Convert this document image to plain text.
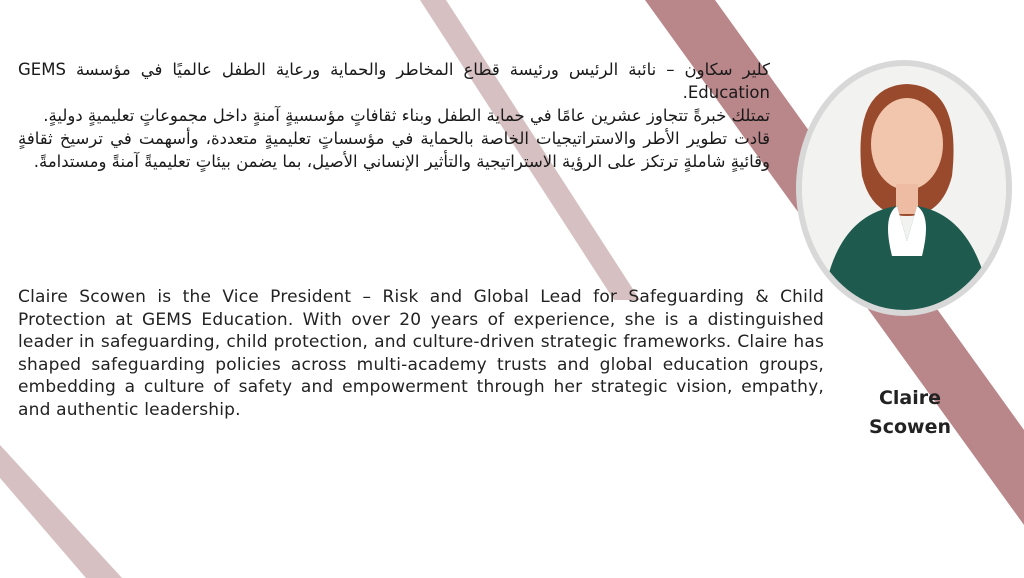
كلير سكاون – نائبة الرئيس ورئيسة قطاع المخاطر والحماية ورعاية الطفل عالميًا في مؤسسة GEMS Education.

تمتلك خبرةً تتجاوز عشرين عامًا في حماية الطفل وبناء ثقافاتٍ مؤسسيةٍ آمنةٍ داخل مجموعاتٍ تعليميةٍ دوليةٍ.

قادت تطوير الأطر والاستراتيجيات الخاصة بالحماية في مؤسساتٍ تعليميةٍ متعددة، وأسهمت في ترسيخ ثقافةٍ وقائيةٍ شاملةٍ ترتكز على الرؤية الاستراتيجية والتأثير الإنساني الأصيل، بما يضمن بيئاتٍ تعليميةً آمنةً ومستدامةً.

Claire Scowen is the Vice President – Risk and Global Lead for Safeguarding & Child Protection at GEMS Education. With over 20 years of experience, she is a distinguished leader in safeguarding, child protection, and culture-driven strategic frameworks. Claire has shaped safeguarding policies across multi-academy trusts and global education groups, embedding a culture of safety and empowerment through her strategic vision, empathy, and authentic leadership.
Claire
Scowen
